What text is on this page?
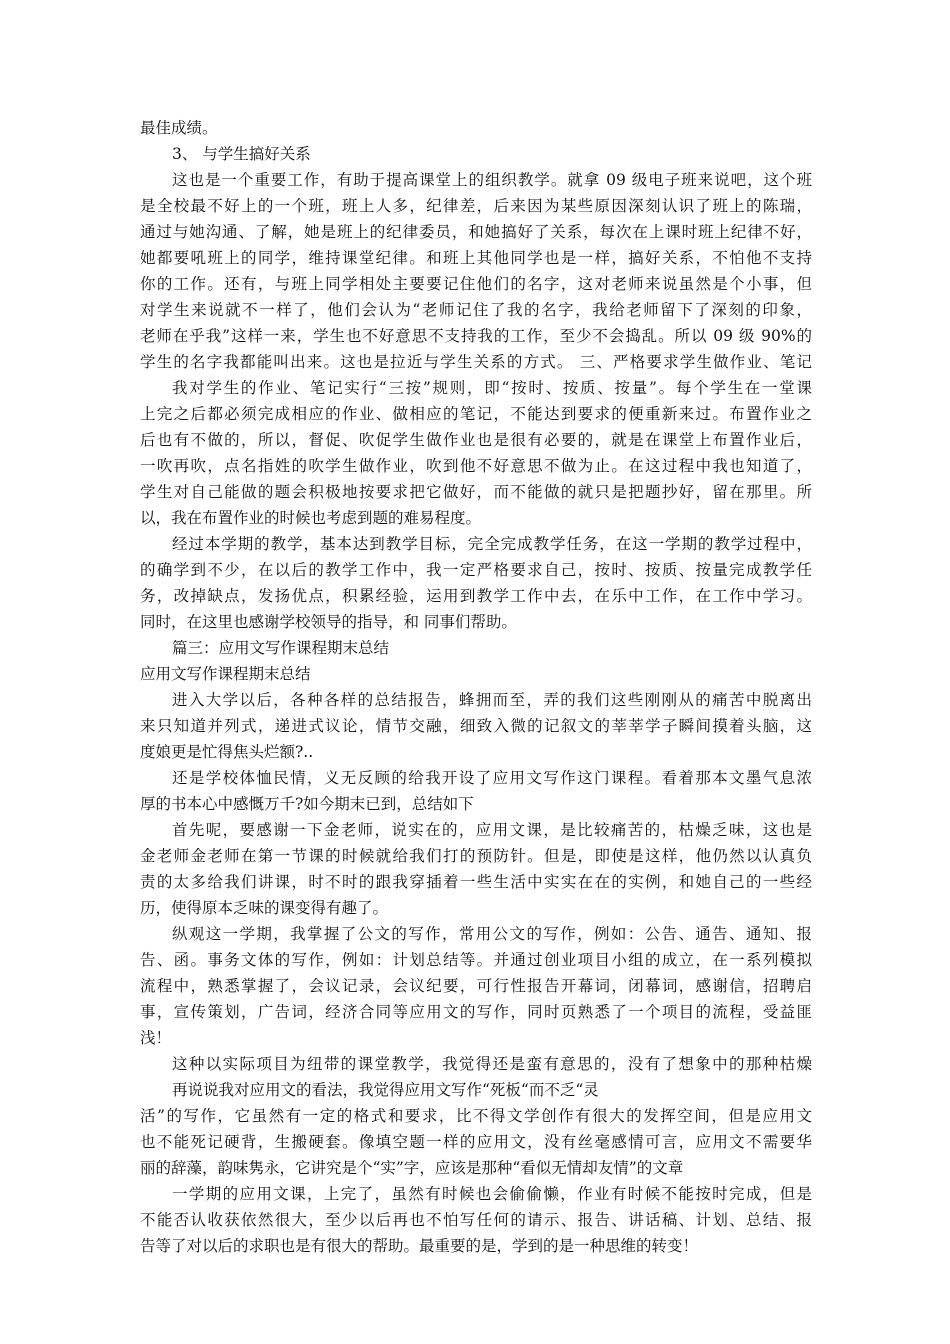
最佳成绩。
3、 与学生搞好关系
这也是一个重要工作，有助于提高课堂上的组织教学。就拿 09 级电子班来说吧，这个班
是全校最不好上的一个班，班上人多，纪律差，后来因为某些原因深刻认识了班上的陈瑞，
通过与她沟通、了解，她是班上的纪律委员，和她搞好了关系，每次在上课时班上纪律不好，
她都要吼班上的同学，维持课堂纪律。和班上其他同学也是一样，搞好关系，不怕他不支持
你的工作。还有，与班上同学相处主要要记住他们的名字，这对老师来说虽然是个小事，但
对学生来说就不一样了，他们会认为“老师记住了我的名字，我给老师留下了深刻的印象，
老师在乎我”这样一来，学生也不好意思不支持我的工作，至少不会捣乱。所以 09 级 90%的
学生的名字我都能叫出来。这也是拉近与学生关系的方式。 三、严格要求学生做作业、笔记
我对学生的作业、笔记实行“三按”规则，即“按时、按质、按量”。每个学生在一堂课
上完之后都必须完成相应的作业、做相应的笔记，不能达到要求的便重新来过。布置作业之
后也有不做的，所以，督促、吹促学生做作业也是很有必要的，就是在课堂上布置作业后，
一吹再吹，点名指姓的吹学生做作业，吹到他不好意思不做为止。在这过程中我也知道了，
学生对自己能做的题会积极地按要求把它做好，而不能做的就只是把题抄好，留在那里。所
以，我在布置作业的时候也考虑到题的难易程度。
经过本学期的教学，基本达到教学目标，完全完成教学任务，在这一学期的教学过程中，
的确学到不少，在以后的教学工作中，我一定严格要求自己，按时、按质、按量完成教学任
务，改掉缺点，发扬优点，积累经验，运用到教学工作中去，在乐中工作，在工作中学习。
同时，在这里也感谢学校领导的指导，和 同事们帮助。
篇三：应用文写作课程期末总结
应用文写作课程期末总结
进入大学以后，各种各样的总结报告，蜂拥而至，弄的我们这些刚刚从的痛苦中脱离出
来只知道并列式，递进式议论，情节交融，细致入微的记叙文的莘莘学子瞬间摸着头脑，这
度娘更是忙得焦头烂额?..
还是学校体恤民情，义无反顾的给我开设了应用文写作这门课程。看着那本文墨气息浓
厚的书本心中感慨万千?如今期末已到，总结如下
首先呢，要感谢一下金老师，说实在的，应用文课，是比较痛苦的，枯燥乏味，这也是
金老师金老师在第一节课的时候就给我们打的预防针。但是，即使是这样，他仍然以认真负
责的太多给我们讲课，时不时的跟我穿插着一些生活中实实在在的实例，和她自己的一些经
历，使得原本乏味的课变得有趣了。
纵观这一学期，我掌握了公文的写作，常用公文的写作，例如：公告、通告、通知、报
告、函。事务文体的写作，例如：计划总结等。并通过创业项目小组的成立，在一系列模拟
流程中，熟悉掌握了，会议记录，会议纪要，可行性报告开幕词，闭幕词，感谢信，招聘启
事，宣传策划，广告词，经济合同等应用文的写作，同时页熟悉了一个项目的流程，受益匪
浅！
这种以实际项目为纽带的课堂教学，我觉得还是蛮有意思的，没有了想象中的那种枯燥
再说说我对应用文的看法，我觉得应用文写作“死板“而不乏“灵
活”的写作，它虽然有一定的格式和要求，比不得文学创作有很大的发挥空间，但是应用文
也不能死记硬背，生搬硬套。像填空题一样的应用文，没有丝毫感情可言，应用文不需要华
丽的辞藻，韵味隽永，它讲究是个“实”字，应该是那种“看似无情却友情”的文章
一学期的应用文课，上完了，虽然有时候也会偷偷懒，作业有时候不能按时完成，但是
不能否认收获依然很大，至少以后再也不怕写任何的请示、报告、讲话稿、计划、总结、报
告等了对以后的求职也是有很大的帮助。最重要的是，学到的是一种思维的转变！
